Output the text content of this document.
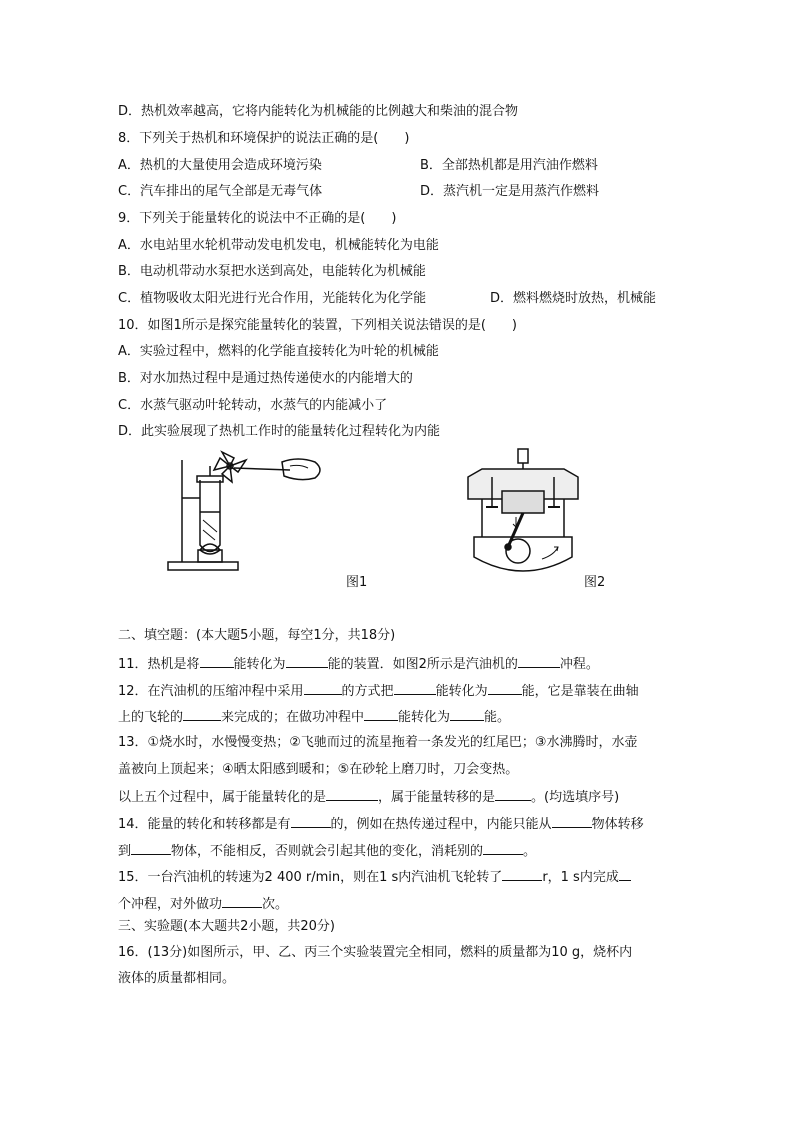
D．热机效率越高，它将内能转化为机械能的比例越大和柴油的混合物
8．下列关于热机和环境保护的说法正确的是(　　)
A．热机的大量使用会造成环境污染	B．全部热机都是用汽油作燃料
C．汽车排出的尾气全部是无毒气体	D．蒸汽机一定是用蒸汽作燃料
9．下列关于能量转化的说法中不正确的是(　　)
A．水电站里水轮机带动发电机发电，机械能转化为电能
B．电动机带动水泵把水送到高处，电能转化为机械能
C．植物吸收太阳光进行光合作用，光能转化为化学能	D．燃料燃烧时放热，机械能
10．如图1所示是探究能量转化的装置，下列相关说法错误的是(　　)
A．实验过程中，燃料的化学能直接转化为叶轮的机械能
B．对水加热过程中是通过热传递使水的内能增大的
C．水蒸气驱动叶轮转动，水蒸气的内能减小了
D．此实验展现了热机工作时的能量转化过程转化为内能
图1	图2
二、填空题：(本大题5小题，每空1分，共18分)
11．热机是将	能转化为	能的装置．如图2所示是汽油机的	冲程。
12．在汽油机的压缩冲程中采用	的方式把	能转化为	能，它是靠装在曲轴
上的飞轮的	来完成的；在做功冲程中	能转化为	能。
13．①烧水时，水慢慢变热；②飞驰而过的流星拖着一条发光的红尾巴；③水沸腾时，水壶
盖被向上顶起来；④晒太阳感到暖和；⑤在砂轮上磨刀时，刀会变热。
以上五个过程中，属于能量转化的是	，属于能量转移的是	。(均选填序号)
14．能量的转化和转移都是有	的，例如在热传递过程中，内能只能从	物体转移
到	物体，不能相反，否则就会引起其他的变化，消耗别的	。
15．一台汽油机的转速为2 400 r/min，则在1 s内汽油机飞轮转了	r，1 s内完成
个冲程，对外做功	次。
三、实验题(本大题共2小题，共20分)
16．(13分)如图所示，甲、乙、丙三个实验装置完全相同，燃料的质量都为10 g，烧杯内
液体的质量都相同。
